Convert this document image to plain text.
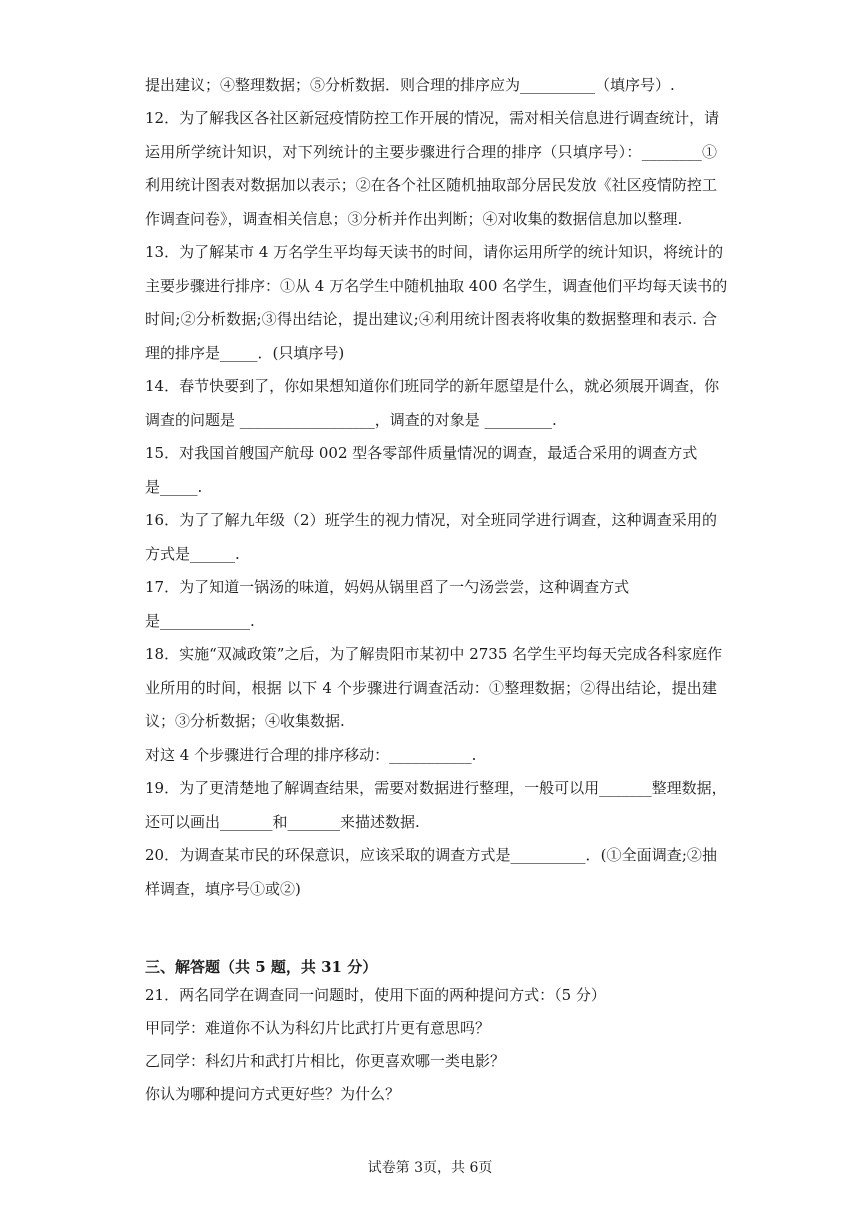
提出建议；④整理数据；⑤分析数据．则合理的排序应为__________（填序号）.
12．为了解我区各社区新冠疫情防控工作开展的情况，需对相关信息进行调查统计，请
运用所学统计知识，对下列统计的主要步骤进行合理的排序（只填序号）：________①
利用统计图表对数据加以表示；②在各个社区随机抽取部分居民发放《社区疫情防控工
作调查问卷》，调查相关信息；③分析并作出判断；④对收集的数据信息加以整理.
13．为了解某市 4 万名学生平均每天读书的时间，请你运用所学的统计知识，将统计的
主要步骤进行排序：①从 4 万名学生中随机抽取 400 名学生，调查他们平均每天读书的
时间;②分析数据;③得出结论，提出建议;④利用统计图表将收集的数据整理和表示. 合
理的排序是_____．(只填序号)
14．春节快要到了，你如果想知道你们班同学的新年愿望是什么，就必须展开调查，你
调查的问题是 __________________，调查的对象是 _________.
15．对我国首艘国产航母 002 型各零部件质量情况的调查，最适合采用的调查方式
是_____.
16．为了了解九年级（2）班学生的视力情况，对全班同学进行调查，这种调查采用的
方式是______.
17．为了知道一锅汤的味道，妈妈从锅里舀了一勺汤尝尝，这种调查方式
是____________.
18．实施“双减政策”之后，为了解贵阳市某初中 2735 名学生平均每天完成各科家庭作
业所用的时间，根据 以下 4 个步骤进行调查活动：①整理数据；②得出结论，提出建
议；③分析数据；④收集数据.
对这 4 个步骤进行合理的排序移动：___________.
19．为了更清楚地了解调查结果，需要对数据进行整理，一般可以用_______整理数据，
还可以画出_______和_______来描述数据.
20．为调查某市民的环保意识，应该采取的调查方式是__________．(①全面调查;②抽
样调查，填序号①或②)
三、解答题（共 5 题，共 31 分）
21．两名同学在调查同一问题时，使用下面的两种提问方式：（5 分）
甲同学：难道你不认为科幻片比武打片更有意思吗？
乙同学：科幻片和武打片相比，你更喜欢哪一类电影？
你认为哪种提问方式更好些？为什么？
试卷第 3页，共 6页
